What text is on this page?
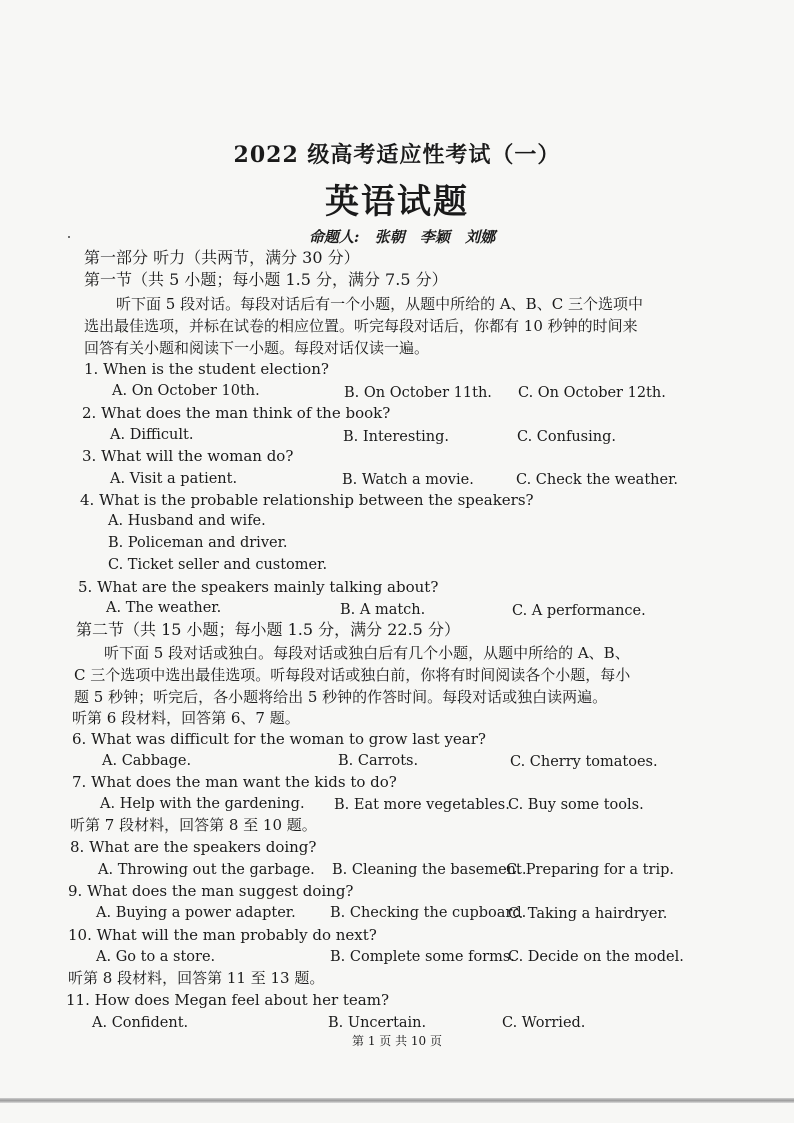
2022 级高考适应性考试（一）
英语试题
命题人: 张朝 李颖 刘娜
第一部分 听力（共两节，满分 30 分）
第一节（共 5 小题；每小题 1.5 分，满分 7.5 分）
听下面 5 段对话。每段对话后有一个小题，从题中所给的 A、B、C 三个选项中
选出最佳选项，并标在试卷的相应位置。听完每段对话后，你都有 10 秒钟的时间来
回答有关小题和阅读下一小题。每段对话仅读一遍。
1. When is the student election?
A. On October 10th.	B. On October 11th. C. On October 12th.
2. What does the man think of the book?
A. Difficult.	B. Interesting.	C. Confusing.
3. What will the woman do?
A. Visit a patient.	B. Watch a movie.	C. Check the weather.
4. What is the probable relationship between the speakers?
A. Husband and wife.
B. Policeman and driver.
C. Ticket seller and customer.
5. What are the speakers mainly talking about?
A. The weather.	B. A match.	C. A performance.
第二节（共 15 小题；每小题 1.5 分，满分 22.5 分）
听下面 5 段对话或独白。每段对话或独白后有几个小题，从题中所给的 A、B、
C 三个选项中选出最佳选项。听每段对话或独白前，你将有时间阅读各个小题，每小
题 5 秒钟；听完后，各小题将给出 5 秒钟的作答时间。每段对话或独白读两遍。
听第 6 段材料，回答第 6、7 题。
6. What was difficult for the woman to grow last year?
A. Cabbage.	B. Carrots.	C. Cherry tomatoes.
7. What does the man want the kids to do?
A. Help with the gardening. B. Eat more vegetables.
C. Buy some tools.
听第 7 段材料，回答第 8 至 10 题。
8. What are the speakers doing?
A. Throwing out the garbage. B. Cleaning the basement.
C. Preparing for a trip.
9. What does the man suggest doing?
A. Buying a power adapter. B. Checking the cupboard.
C. Taking a hairdryer.
10. What will the man probably do next?
A. Go to a store.	B. Complete some forms.
C. Decide on the model.
听第 8 段材料，回答第 11 至 13 题。
11. How does Megan feel about her team?
A. Confident.	B. Uncertain.	C. Worried.
第 1 页 共 10 页
